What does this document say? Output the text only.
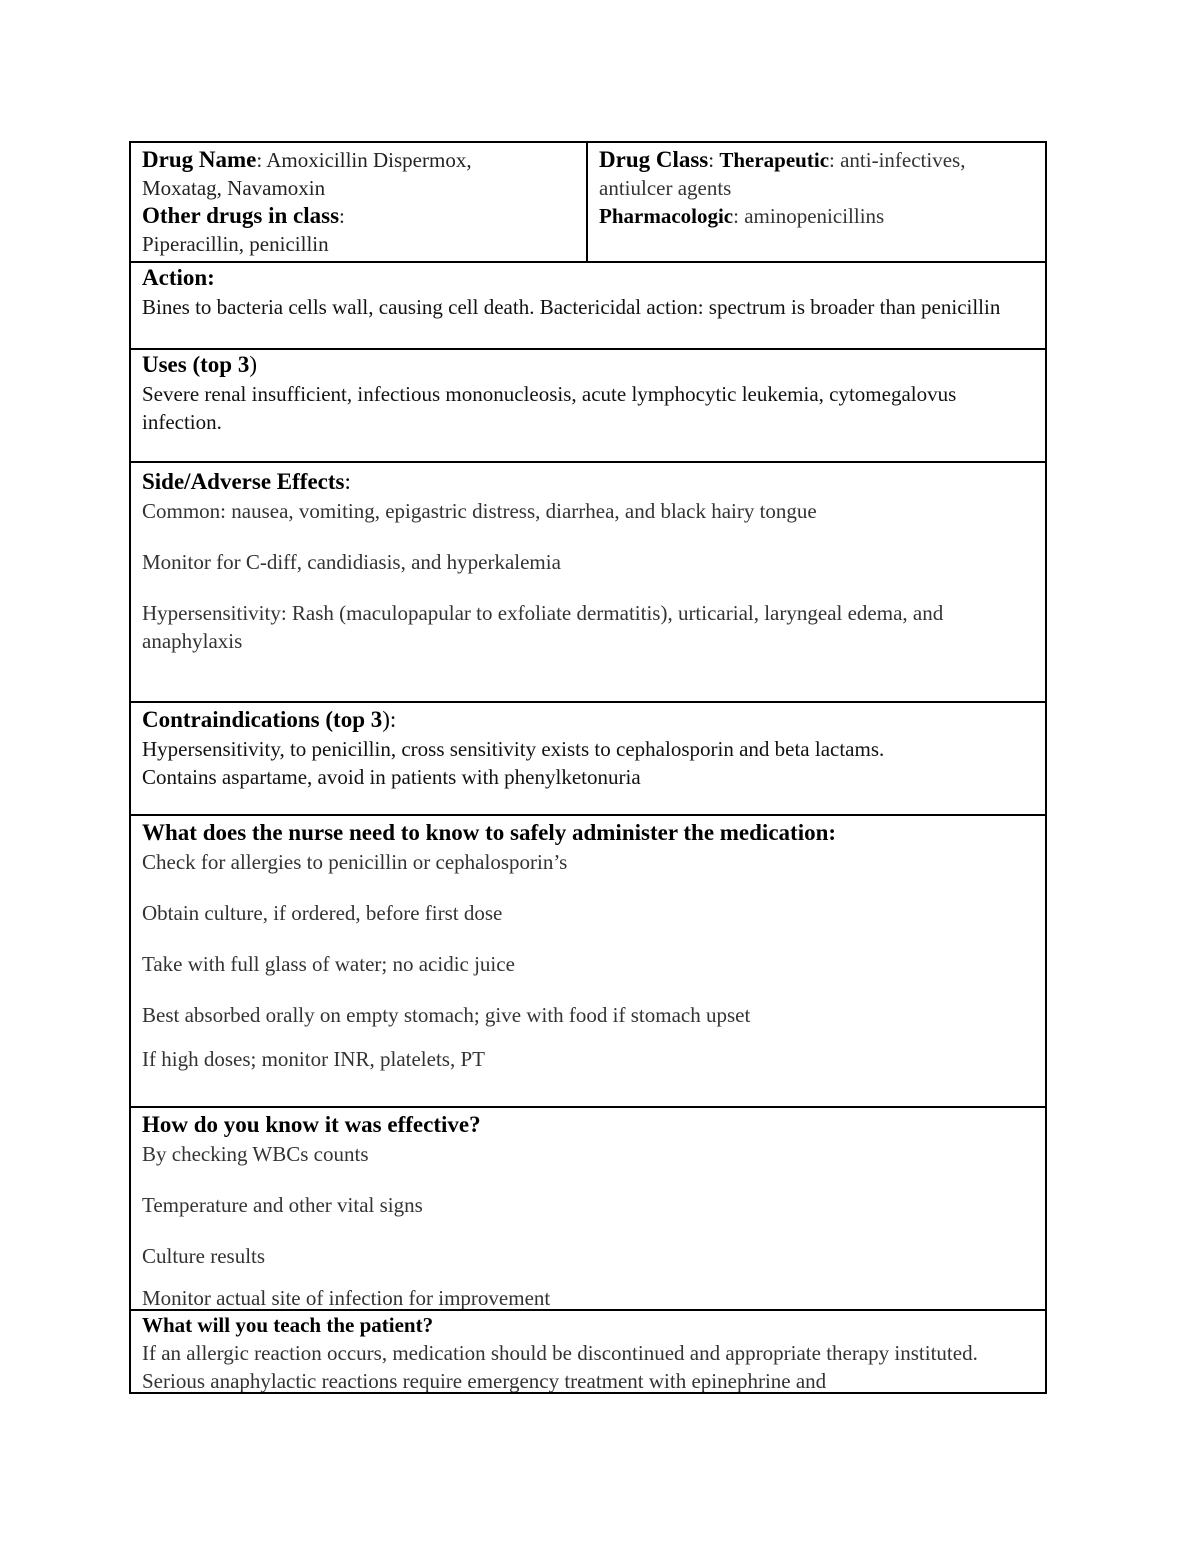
Drug Name: Amoxicillin Dispermox,
Moxatag, Navamoxin
Other drugs in class:
Piperacillin, penicillin
Drug Class: Therapeutic: anti-infectives,
antiulcer agents
Pharmacologic: aminopenicillins
Action:
Bines to bacteria cells wall, causing cell death. Bactericidal action: spectrum is broader than penicillin
Uses (top 3)
Severe renal insufficient, infectious mononucleosis, acute lymphocytic leukemia, cytomegalovus infection.
Side/Adverse Effects:
Common: nausea, vomiting, epigastric distress, diarrhea, and black hairy tongue
Monitor for C-diff, candidiasis, and hyperkalemia
Hypersensitivity: Rash (maculopapular to exfoliate dermatitis), urticarial, laryngeal edema, and anaphylaxis
Contraindications (top 3):
Hypersensitivity, to penicillin, cross sensitivity exists to cephalosporin and beta lactams.
Contains aspartame, avoid in patients with phenylketonuria
What does the nurse need to know to safely administer the medication:
Check for allergies to penicillin or cephalosporin’s
Obtain culture, if ordered, before first dose
Take with full glass of water; no acidic juice
Best absorbed orally on empty stomach; give with food if stomach upset
If high doses; monitor INR, platelets, PT
How do you know it was effective?
By checking WBCs counts
Temperature and other vital signs
Culture results
Monitor actual site of infection for improvement
What will you teach the patient?
If an allergic reaction occurs, medication should be discontinued and appropriate therapy instituted. Serious anaphylactic reactions require emergency treatment with epinephrine and
